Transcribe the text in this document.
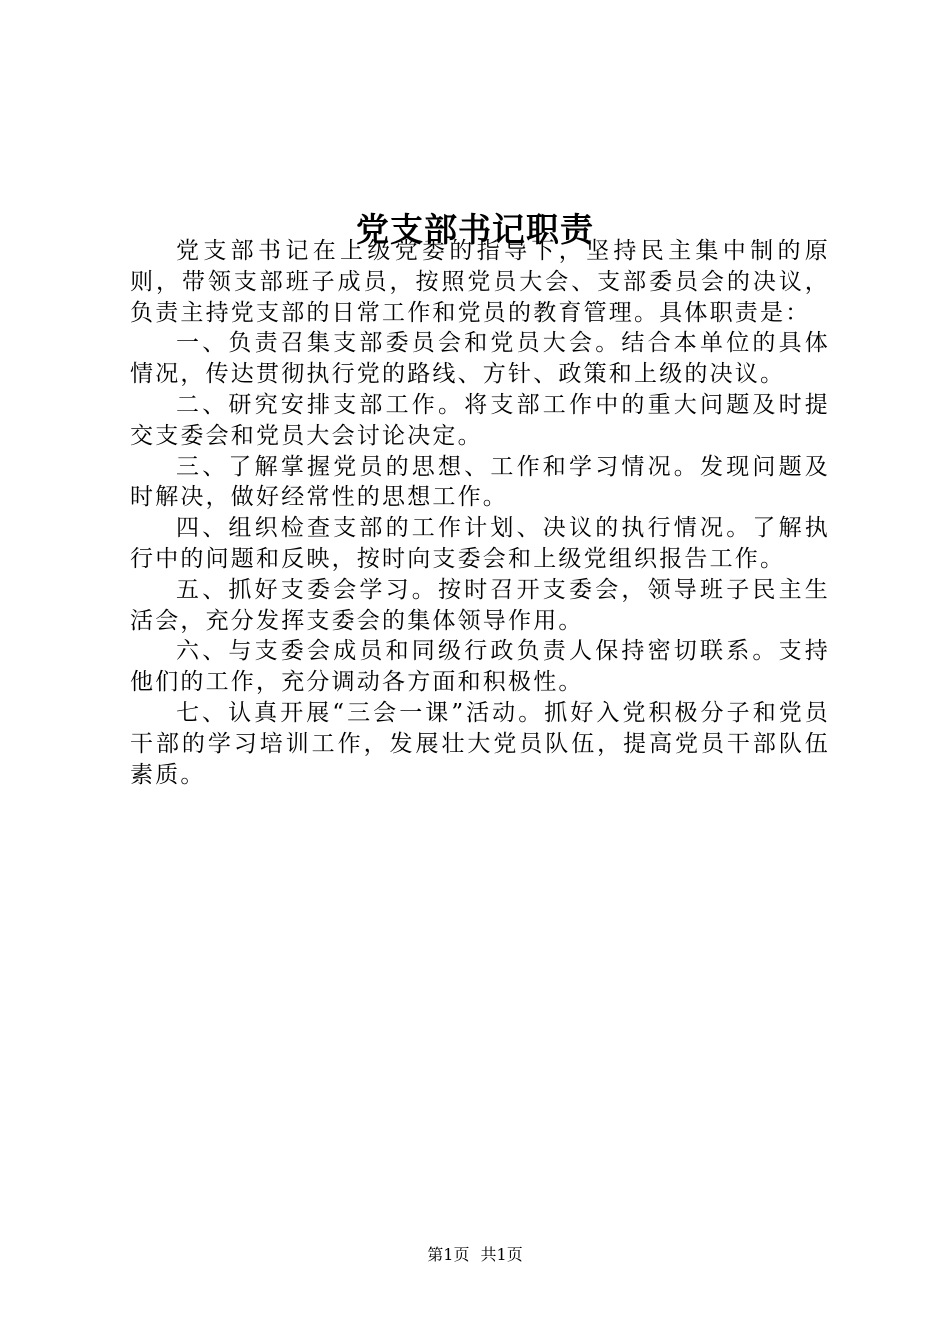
党支部书记职责

党支部书记在上级党委的指导下，坚持民主集中制的原则，带领支部班子成员，按照党员大会、支部委员会的决议，负责主持党支部的日常工作和党员的教育管理。具体职责是：

一、负责召集支部委员会和党员大会。结合本单位的具体情况，传达贯彻执行党的路线、方针、政策和上级的决议。

二、研究安排支部工作。将支部工作中的重大问题及时提交支委会和党员大会讨论决定。

三、了解掌握党员的思想、工作和学习情况。发现问题及时解决，做好经常性的思想工作。

四、组织检查支部的工作计划、决议的执行情况。了解执行中的问题和反映，按时向支委会和上级党组织报告工作。

五、抓好支委会学习。按时召开支委会，领导班子民主生活会，充分发挥支委会的集体领导作用。

六、与支委会成员和同级行政负责人保持密切联系。支持他们的工作，充分调动各方面和积极性。

七、认真开展“三会一课”活动。抓好入党积极分子和党员干部的学习培训工作，发展壮大党员队伍，提高党员干部队伍素质。

第1页 共1页
